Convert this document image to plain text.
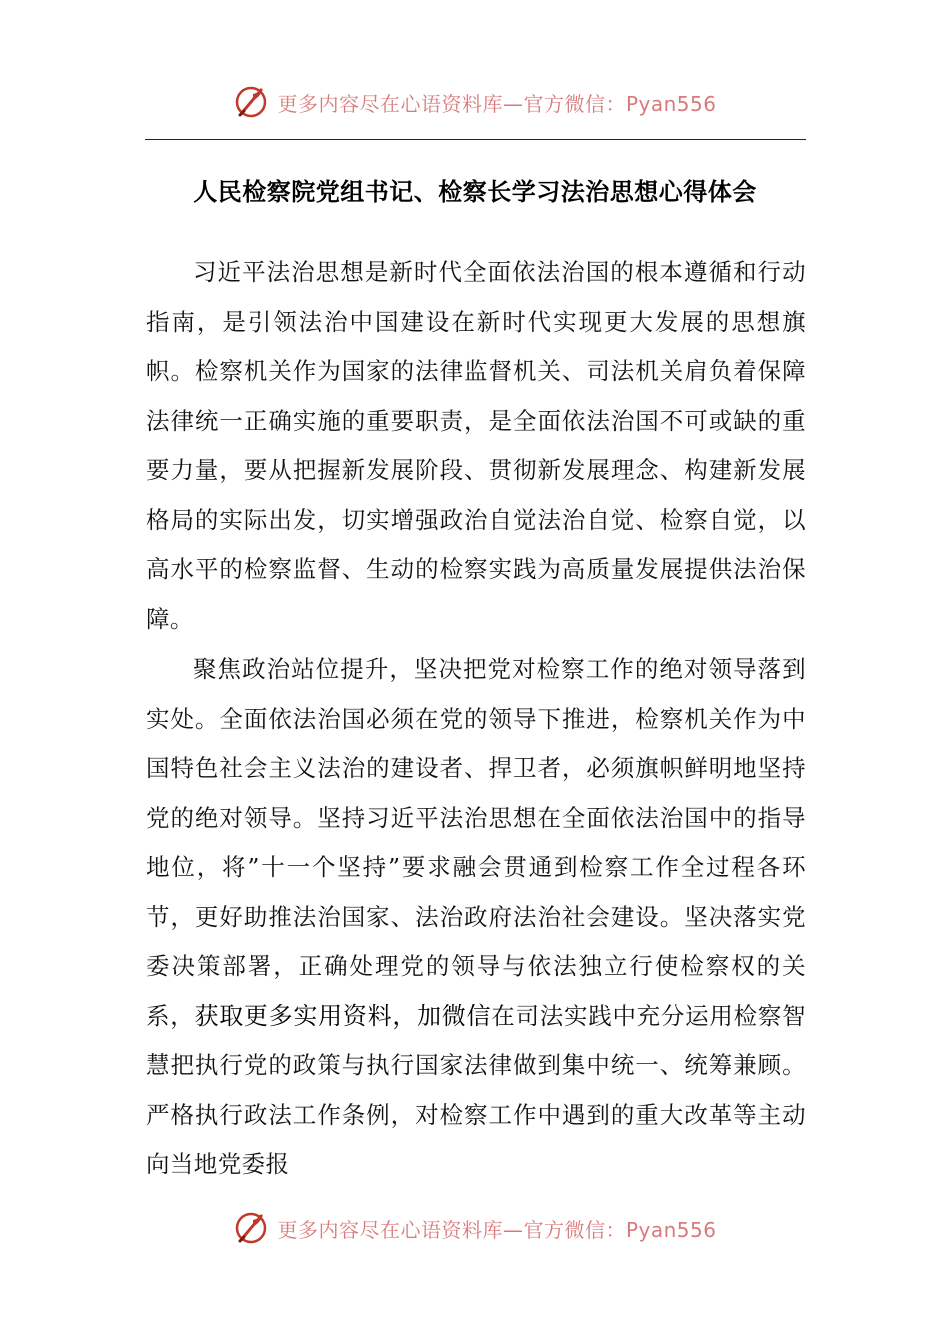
更多内容尽在心语资料库—官方微信：Pyan556
人民检察院党组书记、检察长学习法治思想心得体会

习近平法治思想是新时代全面依法治国的根本遵循和行动指南，是引领法治中国建设在新时代实现更大发展的思想旗帜。检察机关作为国家的法律监督机关、司法机关肩负着保障法律统一正确实施的重要职责，是全面依法治国不可或缺的重要力量，要从把握新发展阶段、贯彻新发展理念、构建新发展格局的实际出发，切实增强政治自觉法治自觉、检察自觉，以高水平的检察监督、生动的检察实践为高质量发展提供法治保障。

聚焦政治站位提升，坚决把党对检察工作的绝对领导落到实处。全面依法治国必须在党的领导下推进，检察机关作为中国特色社会主义法治的建设者、捍卫者，必须旗帜鲜明地坚持党的绝对领导。坚持习近平法治思想在全面依法治国中的指导地位，将”十一个坚持”要求融会贯通到检察工作全过程各环节，更好助推法治国家、法治政府法治社会建设。坚决落实党委决策部署，正确处理党的领导与依法独立行使检察权的关系，获取更多实用资料，加微信在司法实践中充分运用检察智慧把执行党的政策与执行国家法律做到集中统一、统筹兼顾。严格执行政法工作条例，对检察工作中遇到的重大改革等主动向当地党委报

更多内容尽在心语资料库—官方微信：Pyan556
